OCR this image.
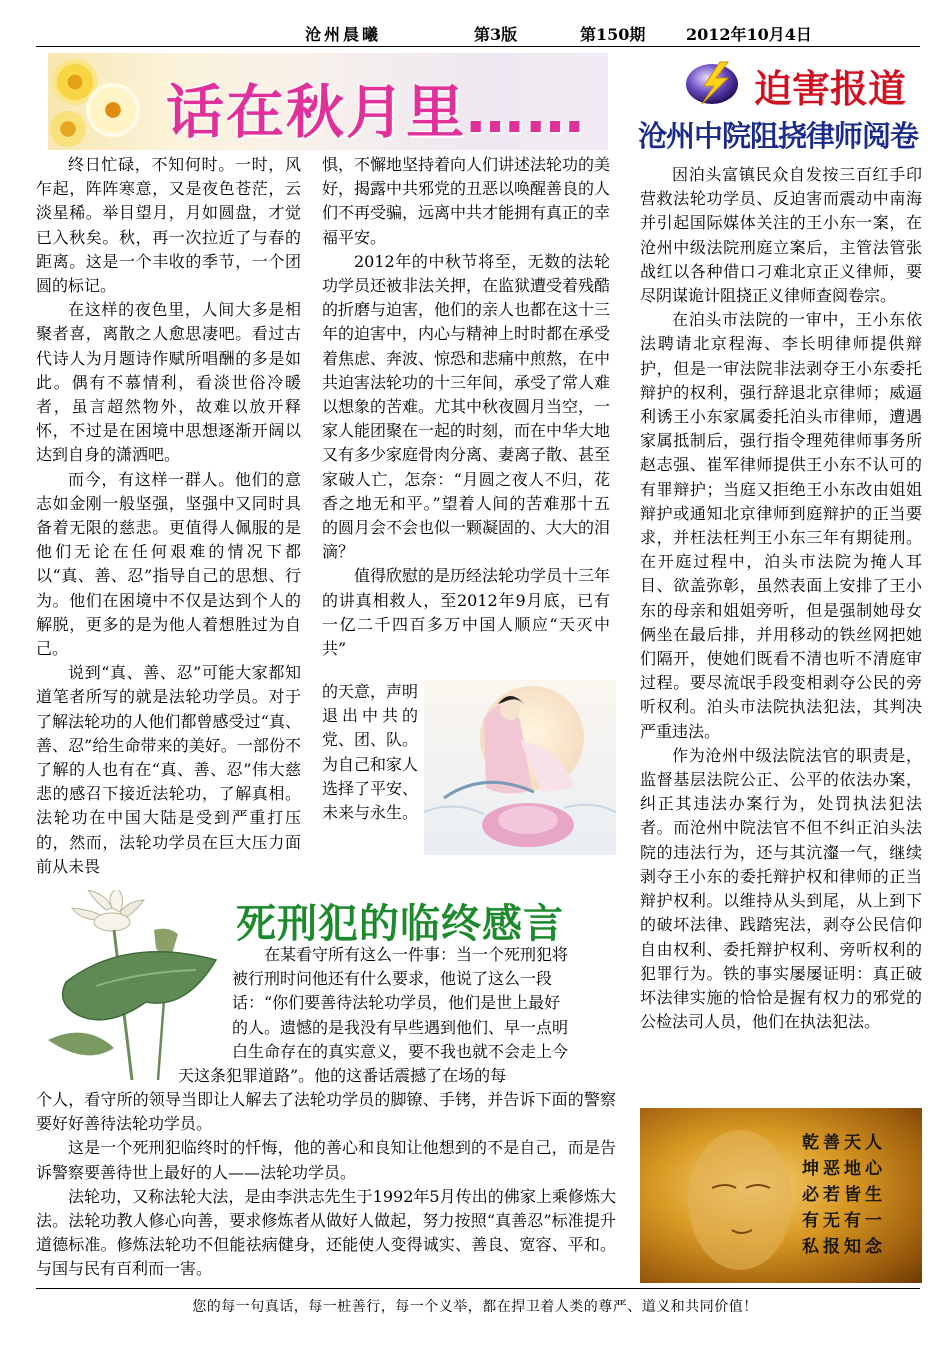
沧州晨曦	第3版	第150期	2012年10月4日
话在秋月里……	迫害报道
沧州中院阻挠律师阅卷

终日忙碌，不知何时。一时，风乍起，阵阵寒意，又是夜色苍茫，云淡星稀。举目望月，月如圆盘，才觉已入秋矣。秋，再一次拉近了与春的距离。这是一个丰收的季节，一个团圆的标记。

在这样的夜色里，人间大多是相聚者喜，离散之人愈思凄吧。看过古代诗人为月题诗作赋所唱酬的多是如此。偶有不慕情利，看淡世俗冷暖者，虽言超然物外，故难以放开释怀，不过是在困境中思想逐渐开阔以达到自身的潇洒吧。

而今，有这样一群人。他们的意志如金刚一般坚强，坚强中又同时具备着无限的慈悲。更值得人佩服的是他们无论在任何艰难的情况下都以“真、善、忍”指导自己的思想、行为。他们在困境中不仅是达到个人的解脱，更多的是为他人着想胜过为自己。

说到“真、善、忍”可能大家都知道笔者所写的就是法轮功学员。对于了解法轮功的人他们都曾感受过“真、善、忍”给生命带来的美好。一部份不了解的人也有在“真、善、忍”伟大慈悲的感召下接近法轮功，了解真相。法轮功在中国大陆是受到严重打压的，然而，法轮功学员在巨大压力面前从未畏

惧，不懈地坚持着向人们讲述法轮功的美好，揭露中共邪党的丑恶以唤醒善良的人们不再受骗，远离中共才能拥有真正的幸福平安。

2012年的中秋节将至，无数的法轮功学员还被非法关押，在监狱遭受着残酷的折磨与迫害，他们的亲人也都在这十三年的迫害中，内心与精神上时时都在承受着焦虑、奔波、惊恐和悲痛中煎熬，在中共迫害法轮功的十三年间，承受了常人难以想象的苦难。尤其中秋夜圆月当空，一家人能团聚在一起的时刻，而在中华大地又有多少家庭骨肉分离、妻离子散、甚至家破人亡，怎奈：“月圆之夜人不归，花香之地无和平。”望着人间的苦难那十五的圆月会不会也似一颗凝固的、大大的泪滴？

值得欣慰的是历经法轮功学员十三年的讲真相救人，至2012年9月底，已有一亿二千四百多万中国人顺应“天灭中共”

的天意，声明退出中共的党、团、队。为自己和家人选择了平安、未来与永生。

因泊头富镇民众自发按三百红手印营救法轮功学员、反迫害而震动中南海并引起国际媒体关注的王小东一案，在沧州中级法院刑庭立案后，主管法管张战红以各种借口刁难北京正义律师，要尽阴谋诡计阻挠正义律师查阅卷宗。

在泊头市法院的一审中，王小东依法聘请北京程海、李长明律师提供辩护，但是一审法院非法剥夺王小东委托辩护的权利，强行辞退北京律师；威逼利诱王小东家属委托泊头市律师，遭遇家属抵制后，强行指令理苑律师事务所赵志强、崔军律师提供王小东不认可的有罪辩护；当庭又拒绝王小东改由姐姐辩护或通知北京律师到庭辩护的正当要求，并枉法枉判王小东三年有期徒刑。在开庭过程中，泊头市法院为掩人耳目、欲盖弥彰，虽然表面上安排了王小东的母亲和姐姐旁听，但是强制她母女俩坐在最后排，并用移动的铁丝网把她们隔开，使她们既看不清也听不清庭审过程。要尽流氓手段变相剥夺公民的旁听权利。泊头市法院执法犯法，其判决严重违法。

作为沧州中级法院法官的职责是，监督基层法院公正、公平的依法办案，纠正其违法办案行为，处罚执法犯法者。而沧州中院法官不但不纠正泊头法院的违法行为，还与其沆瀣一气，继续剥夺王小东的委托辩护权和律师的正当辩护权利。以维持从头到尾，从上到下的破坏法律、践踏宪法，剥夺公民信仰自由权利、委托辩护权利、旁听权利的犯罪行为。铁的事实屡屡证明：真正破坏法律实施的恰恰是握有权力的邪党的公检法司人员，他们在执法犯法。

乾善天人
坤恶地心
必若皆生
有无有一
私报知念
死刑犯的临终感言
在某看守所有这么一件事：当一个死刑犯将
被行刑时问他还有什么要求，他说了这么一段
话：“你们要善待法轮功学员，他们是世上最好
的人。遗憾的是我没有早些遇到他们、早一点明
白生命存在的真实意义，要不我也就不会走上今
天这条犯罪道路”。他的这番话震撼了在场的每

个人，看守所的领导当即让人解去了法轮功学员的脚镣、手铐，并告诉下面的警察要好好善待法轮功学员。

这是一个死刑犯临终时的忏悔，他的善心和良知让他想到的不是自己，而是告诉警察要善待世上最好的人——法轮功学员。

法轮功，又称法轮大法，是由李洪志先生于1992年5月传出的佛家上乘修炼大法。法轮功教人修心向善，要求修炼者从做好人做起，努力按照“真善忍”标准提升道德标准。修炼法轮功不但能祛病健身，还能使人变得诚实、善良、宽容、平和。与国与民有百利而一害。

您的每一句真话，每一桩善行，每一个义举，都在捍卫着人类的尊严、道义和共同价值！
